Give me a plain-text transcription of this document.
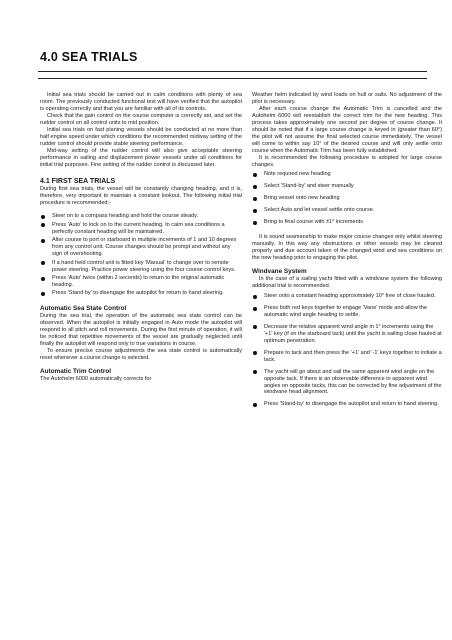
4.0 SEA TRIALS

Initial sea trials should be carried out in calm conditions with plenty of sea room. The previously conducted functional test will have verified that the autopilot is operating correctly and that you are familiar with all of its controls.

Check that the gain control on the course computer is correctly set, and set the rudder control on all control units to mid position.

Initial sea trials on fast planing vessels should be conducted at no more than half engine speed under which conditions the recommended midway setting of the rudder control should provide stable steering performance.

Mid-way setting of the rudder control will also give acceptable steering performance in sailing and displacement power vessels under all conditions for initial trial purposes. Fine setting of the rudder control is discussed later.

4.1 FIRST SEA TRIALS

During first sea trials, the vessel will be constantly changing heading, and it is, therefore, very important to maintain a constant lookout. The following initial trial procedure is recommended:-

Steer on to a compass heading and hold the course steady.
Press 'Auto' to lock on to the current heading. In calm sea conditions a perfectly constant heading will be maintained.
Alter course to port or starboard in multiple increments of 1 and 10 degrees from any control unit. Course changes should be prompt and without any sign of overshooting.
If a hand held control unit is fitted key 'Manual' to change over to remote power steering. Practice power steering using the four course control keys.
Press 'Auto' twice (within 2 seconds) to return to the original automatic heading.
Press 'Stand by' to disengage the autopilot for return to hand steering.

Automatic Sea State Control

During the sea trial, the operation of the automatic sea state control can be observed. When the autopilot is initially engaged in Auto mode the autopilot will respond to all pitch and roll movements. During the first minute of operation, it will be noticed that repetitive movements of the vessel are gradually neglected until finally the autopilot will respond only to true variations in course.

To ensure precise course adjustments the sea state control is automatically reset whenever a course change is selected.

Automatic Trim Control

The Autohelm 6000 automatically corrects for

Weather helm indicated by wind loads on hull or sails. No adjustment of the pilot is necessary.

After each course change the Automatic Trim is cancelled and the Autohelm 6000 will reestablish the correct trim for the new heading. This process takes approximately one second per degree of course change. It should be noted that if a large course change is keyed in (greater than 60°) the pilot will not assume the final selected course immediately. The vessel will come to within say 10° of the desired course and will only settle onto course when the Automatic Trim has been fully established.

It is recommended the following procedure is adopted for large course changes.

Note required new heading
Select 'Stand-by' and steer manually
Bring vessel onto new heading
Select Auto and let vessel settle onto course.
Bring to final course with ±1° increments

It is sound seamanship to make major course changes only whilst steering manually. In this way any obstructions or other vessels may be cleared properly and due account taken of the changed wind and sea conditions on the new heading prior to engaging the pilot.

Windvane System

In the case of a sailing yacht fitted with a windvane system the following additional trial is recommended.

Steer onto a constant heading approximately 10° free of close hauled.
Press both red keys together to engage 'Vane' mode and allow the automatic wind angle heading to settle.
Decrease the relative apparent wind angle in 1° increments using the '+1' key (if on the starboard tack) until the yacht is sailing close hauled at optimum penetration.
Prepare to tack and then press the '+1' and '-1' keys together to initiate a tack.
The yacht will go about and sail the same apparent wind angle on the opposite tack. If there is an observable difference in apparent wind angles on opposite tacks, this can be corrected by fine adjustment of the windvane head alignment.
Press 'Stand-by' to disengage the autopilot and return to hand steering.
